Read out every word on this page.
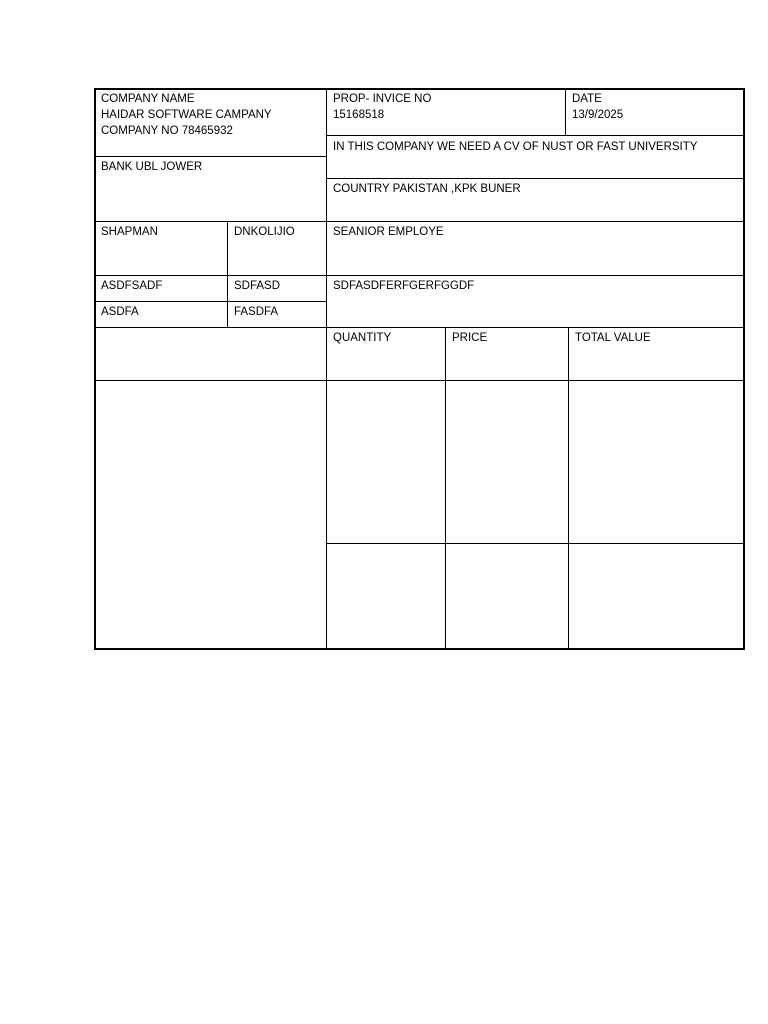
COMPANY NAME
HAIDAR SOFTWARE CAMPANY
COMPANY NO 78465932
PROP- INVICE NO
15168518
DATE
13/9/2025
IN THIS COMPANY WE NEED A CV OF NUST OR FAST UNIVERSITY
BANK UBL JOWER
COUNTRY PAKISTAN ,KPK BUNER
SHAPMAN	DNKOLIJIO	SEANIOR EMPLOYE
ASDFSADF	SDFASD	SDFASDFERFGERFGGDF
ASDFA	FASDFA
QUANTITY	PRICE	TOTAL VALUE
